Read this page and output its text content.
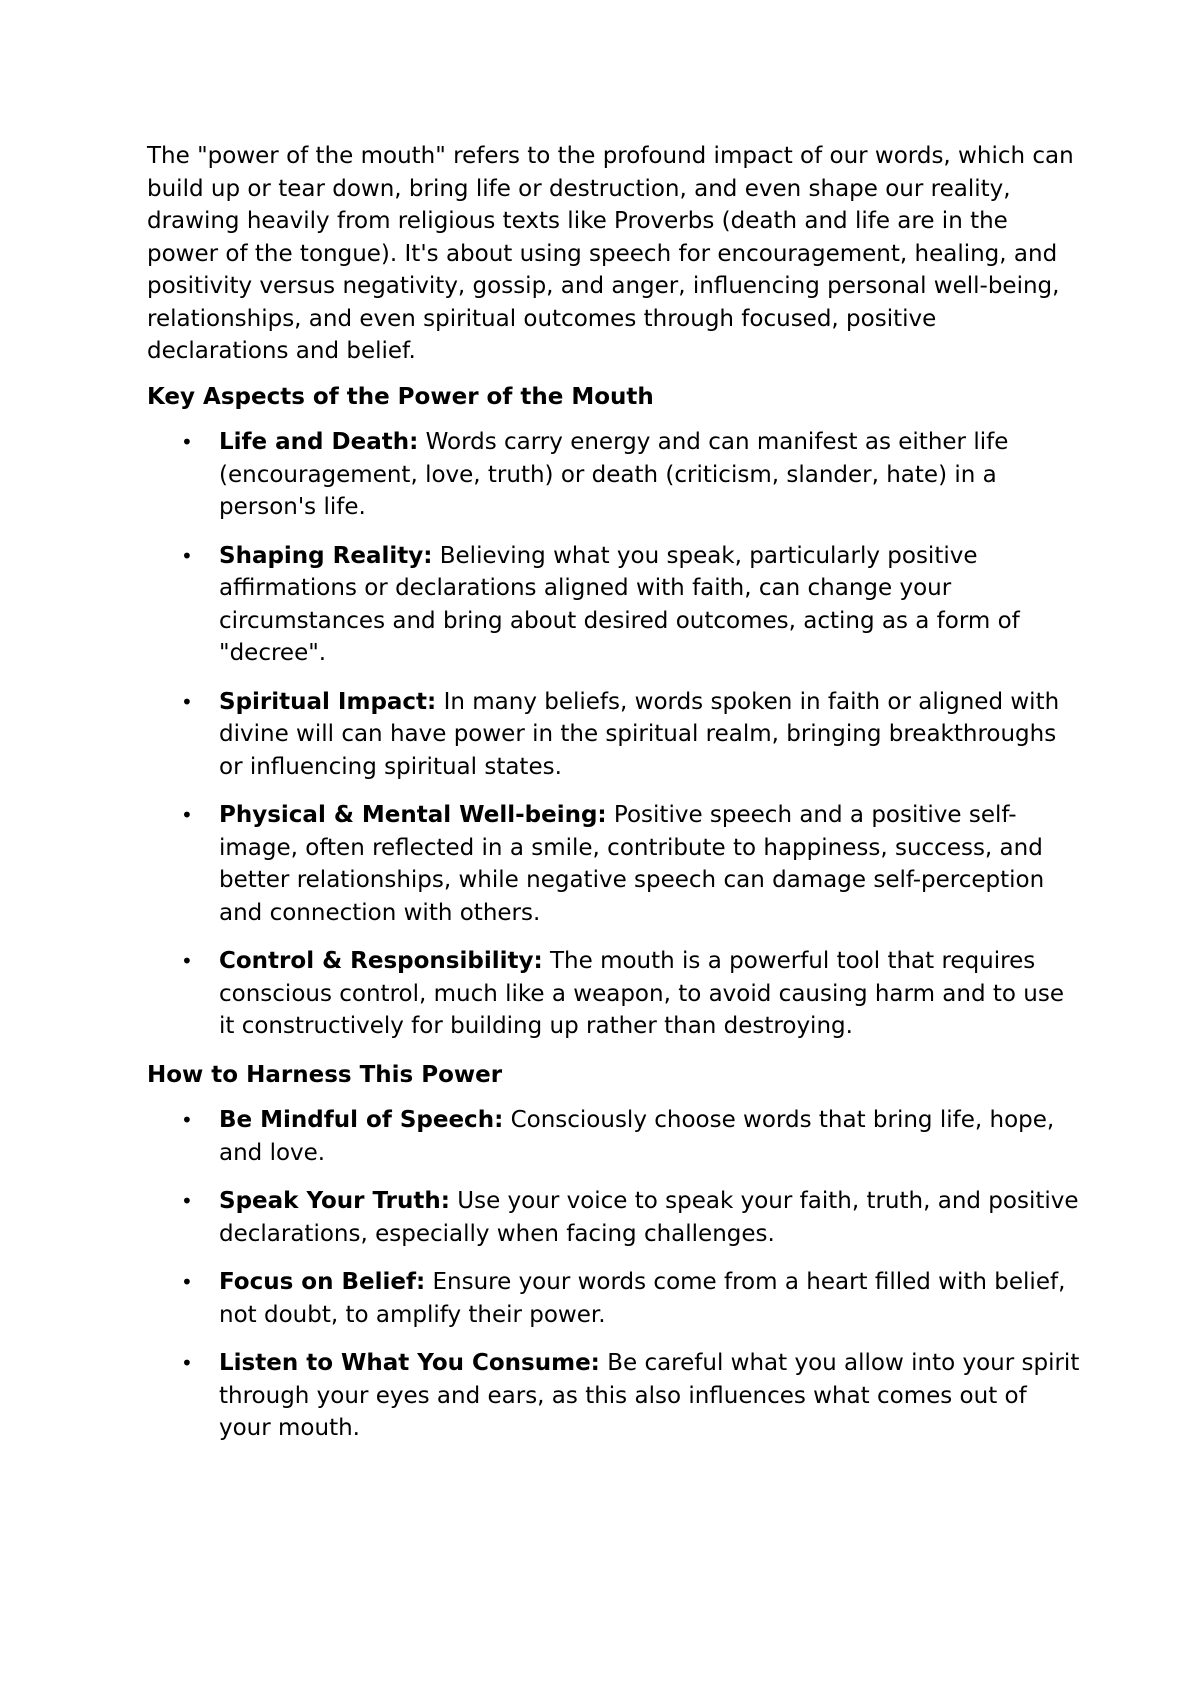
The "power of the mouth" refers to the profound impact of our words, which can build up or tear down, bring life or destruction, and even shape our reality, drawing heavily from religious texts like Proverbs (death and life are in the power of the tongue). It's about using speech for encouragement, healing, and positivity versus negativity, gossip, and anger, influencing personal well-being, relationships, and even spiritual outcomes through focused, positive declarations and belief.

Key Aspects of the Power of the Mouth

• Life and Death: Words carry energy and can manifest as either life (encouragement, love, truth) or death (criticism, slander, hate) in a person's life.
• Shaping Reality: Believing what you speak, particularly positive affirmations or declarations aligned with faith, can change your circumstances and bring about desired outcomes, acting as a form of "decree".
• Spiritual Impact: In many beliefs, words spoken in faith or aligned with divine will can have power in the spiritual realm, bringing breakthroughs or influencing spiritual states.
• Physical & Mental Well-being: Positive speech and a positive self-image, often reflected in a smile, contribute to happiness, success, and better relationships, while negative speech can damage self-perception and connection with others.
• Control & Responsibility: The mouth is a powerful tool that requires conscious control, much like a weapon, to avoid causing harm and to use it constructively for building up rather than destroying.

How to Harness This Power

• Be Mindful of Speech: Consciously choose words that bring life, hope, and love.
• Speak Your Truth: Use your voice to speak your faith, truth, and positive declarations, especially when facing challenges.
• Focus on Belief: Ensure your words come from a heart filled with belief, not doubt, to amplify their power.
• Listen to What You Consume: Be careful what you allow into your spirit through your eyes and ears, as this also influences what comes out of your mouth.
